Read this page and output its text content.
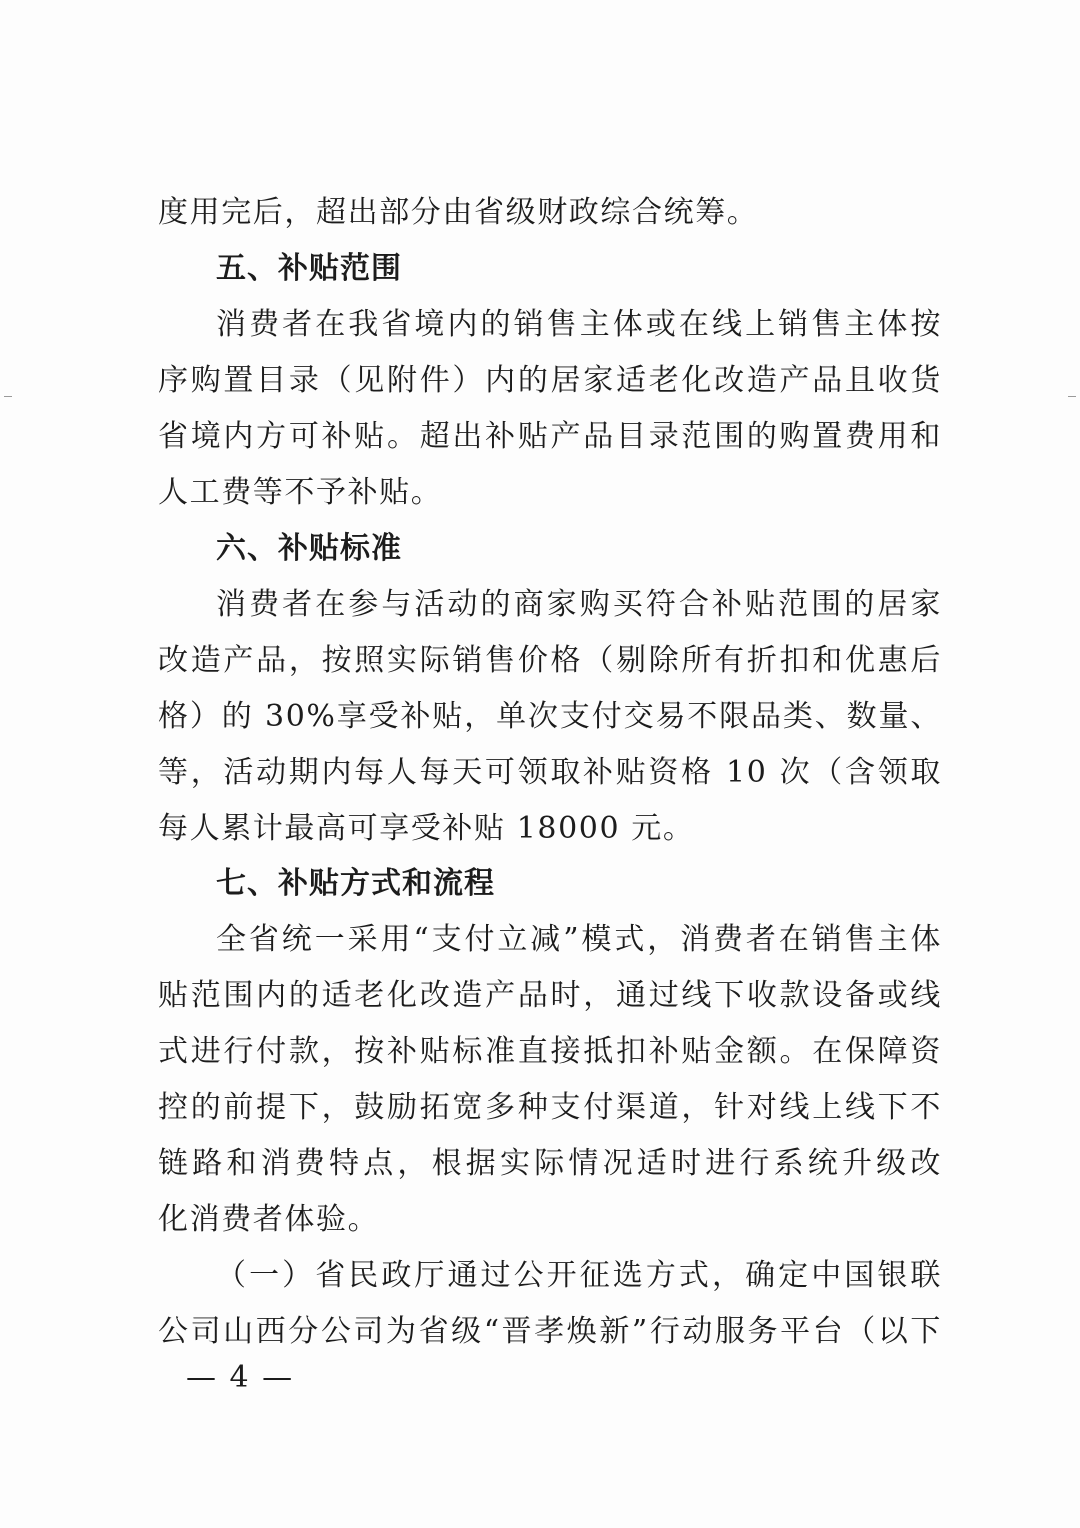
度用完后，超出部分由省级财政综合统筹。
五、补贴范围
消费者在我省境内的销售主体或在线上销售主体按
序购置目录（见附件）内的居家适老化改造产品且收货
省境内方可补贴。超出补贴产品目录范围的购置费用和
人工费等不予补贴。
六、补贴标准
消费者在参与活动的商家购买符合补贴范围的居家
改造产品，按照实际销售价格（剔除所有折扣和优惠后
格）的 30%享受补贴，单次支付交易不限品类、数量、
等，活动期内每人每天可领取补贴资格 10 次（含领取
每人累计最高可享受补贴 18000 元。
七、补贴方式和流程
全省统一采用“支付立减”模式，消费者在销售主体
贴范围内的适老化改造产品时，通过线下收款设备或线
式进行付款，按补贴标准直接抵扣补贴金额。在保障资
控的前提下，鼓励拓宽多种支付渠道，针对线上线下不
链路和消费特点，根据实际情况适时进行系统升级改
化消费者体验。
（一）省民政厅通过公开征选方式，确定中国银联
公司山西分公司为省级“晋孝焕新”行动服务平台（以下
— 4 —
